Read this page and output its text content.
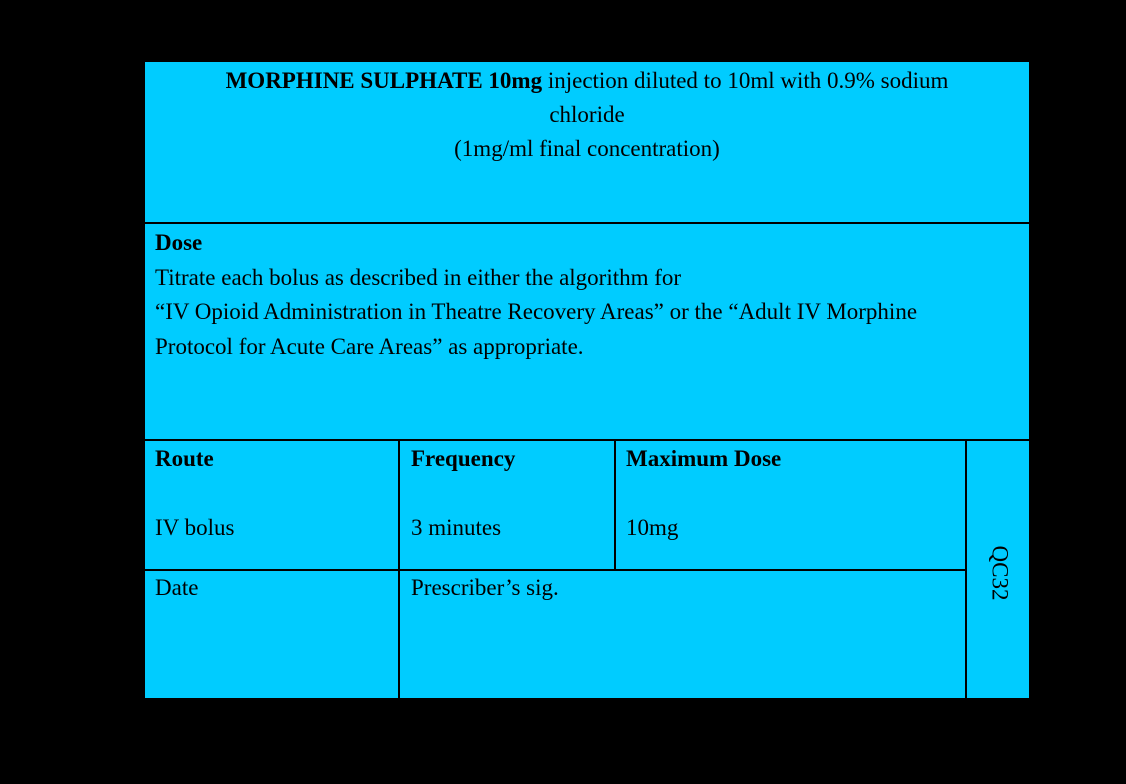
MORPHINE SULPHATE 10mg injection diluted to 10ml with 0.9% sodium
chloride
(1mg/ml final concentration)
Dose
Titrate each bolus as described in either the algorithm for
“IV Opioid Administration in Theatre Recovery Areas” or the “Adult IV Morphine
Protocol for Acute Care Areas” as appropriate.
Route
IV bolus
Frequency
3 minutes
Maximum Dose
10mg
Date	Prescriber’s sig.	QC32
